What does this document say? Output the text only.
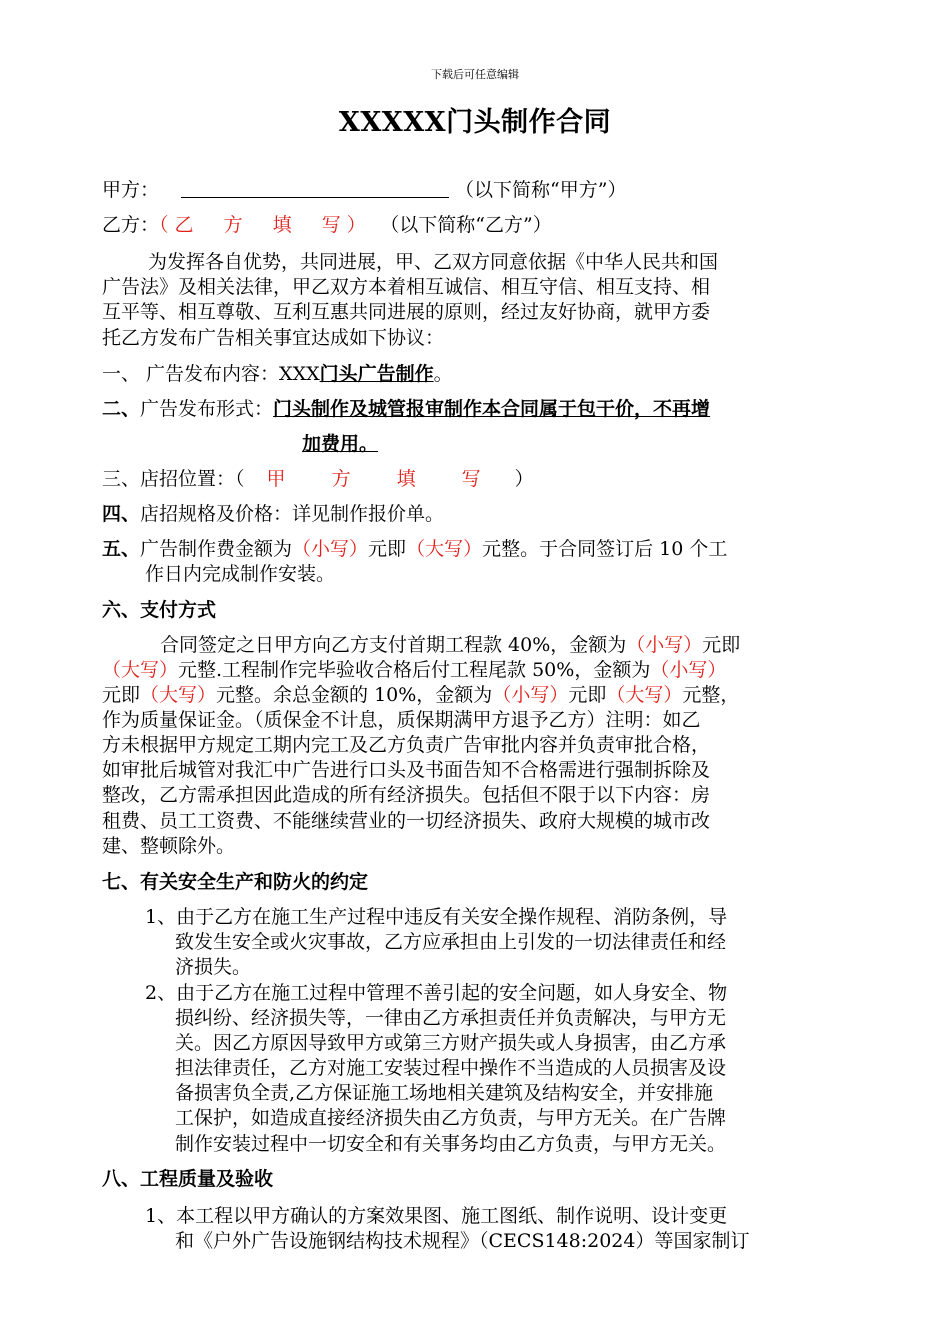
下载后可任意编辑
XXXXX门头制作合同
甲方：	（以下简称“甲方”）
乙方：（乙  方  填  写） （以下简称“乙方”）
为发挥各自优势，共同进展，甲、乙双方同意依据《中华人民共和国
广告法》及相关法律，甲乙双方本着相互诚信、相互守信、相互支持、相
互平等、相互尊敬、互利互惠共同进展的原则，经过友好协商，就甲方委
托乙方发布广告相关事宜达成如下协议：
一、 广告发布内容：XXX门头广告制作。
二、广告发布形式：门头制作及城管报审制作本合同属于包干价，不再增
加费用。
三、店招位置：（ 甲 方 填 写 ）
四、店招规格及价格：详见制作报价单。
五、广告制作费金额为（小写）元即（大写）元整。于合同签订后 10 个工
作日内完成制作安装。
六、支付方式
合同签定之日甲方向乙方支付首期工程款 40%，金额为（小写）元即
（大写）元整.工程制作完毕验收合格后付工程尾款 50%，金额为（小写）
元即（大写）元整。余总金额的 10%，金额为（小写）元即（大写）元整，
作为质量保证金。（质保金不计息，质保期满甲方退予乙方）注明：如乙
方未根据甲方规定工期内完工及乙方负责广告审批内容并负责审批合格，
如审批后城管对我汇中广告进行口头及书面告知不合格需进行强制拆除及
整改，乙方需承担因此造成的所有经济损失。包括但不限于以下内容：房
租费、员工工资费、不能继续营业的一切经济损失、政府大规模的城市改
建、整顿除外。
七、有关安全生产和防火的约定
1、由于乙方在施工生产过程中违反有关安全操作规程、消防条例，导
致发生安全或火灾事故，乙方应承担由上引发的一切法律责任和经
济损失。
2、由于乙方在施工过程中管理不善引起的安全问题，如人身安全、物
损纠纷、经济损失等，一律由乙方承担责任并负责解决，与甲方无
关。因乙方原因导致甲方或第三方财产损失或人身损害，由乙方承
担法律责任，乙方对施工安装过程中操作不当造成的人员损害及设
备损害负全责,乙方保证施工场地相关建筑及结构安全，并安排施
工保护，如造成直接经济损失由乙方负责，与甲方无关。在广告牌
制作安装过程中一切安全和有关事务均由乙方负责，与甲方无关。
八、工程质量及验收
1、本工程以甲方确认的方案效果图、施工图纸、制作说明、设计变更
和《户外广告设施钢结构技术规程》（CECS148:2024）等国家制订
